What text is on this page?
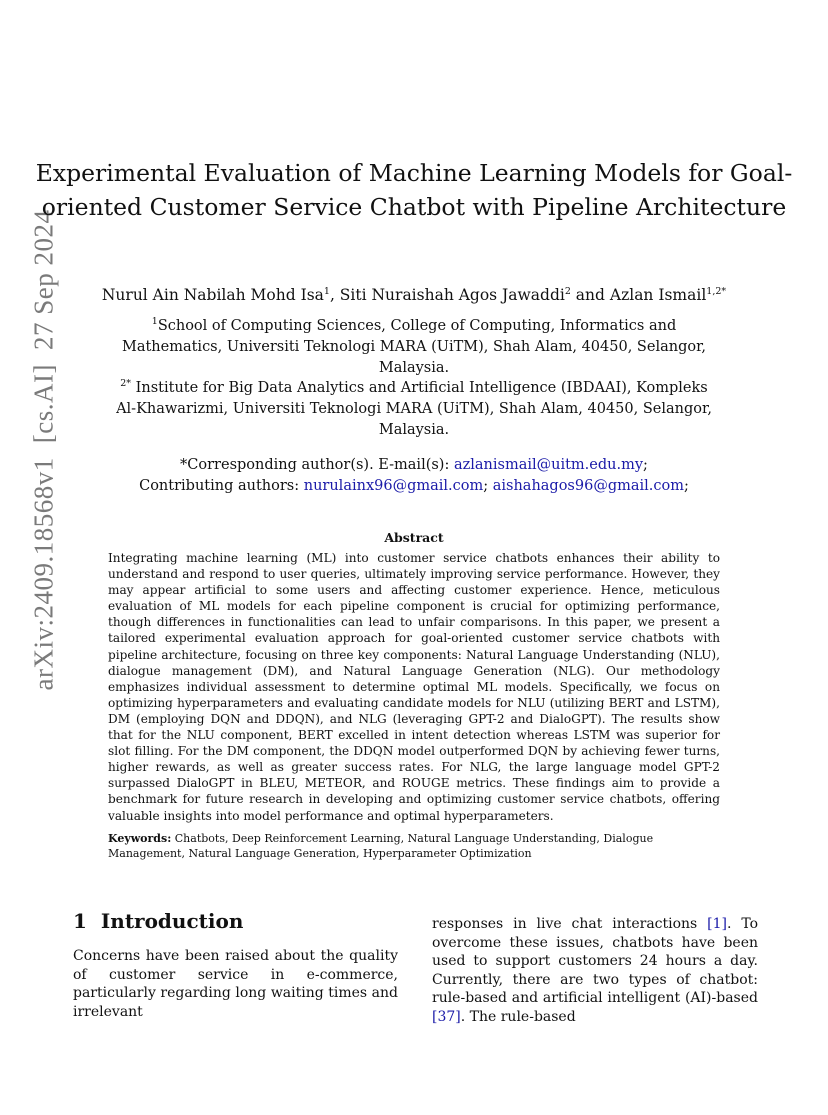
arXiv:2409.18568v1[cs.AI]27 Sep 2024
Experimental Evaluation of Machine Learning Models for Goal-oriented Customer Service Chatbot with Pipeline Architecture
Nurul Ain Nabilah Mohd Isa$^1$, Siti Nuraishah Agos Jawaddi$^2$ and Azlan Ismail$^{1,2*}$
$^1$School of Computing Sciences, College of Computing, Informatics and Mathematics, Universiti Teknologi MARA (UiTM), Shah Alam, 40450, Selangor, Malaysia.
$^{2*}$ Institute for Big Data Analytics and Artificial Intelligence (IBDAAI), Kompleks Al-Khawarizmi, Universiti Teknologi MARA (UiTM), Shah Alam, 40450, Selangor, Malaysia.
*Corresponding author(s). E-mail(s): azlanismail@uitm.edu.my;
Contributing authors: nurulainx96@gmail.com; aishahagos96@gmail.com;
Abstract
Integrating machine learning (ML) into customer service chatbots enhances their ability to understand and respond to user queries, ultimately improving service performance. However, they may appear artificial to some users and affecting customer experience. Hence, meticulous evaluation of ML models for each pipeline component is crucial for optimizing performance, though differences in functionalities can lead to unfair comparisons. In this paper, we present a tailored experimental evaluation approach for goal-oriented customer service chatbots with pipeline architecture, focusing on three key components: Natural Language Understanding (NLU), dialogue management (DM), and Natural Language Generation (NLG). Our methodology emphasizes individual assessment to determine optimal ML models. Specifically, we focus on optimizing hyperparameters and evaluating candidate models for NLU (utilizing BERT and LSTM), DM (employing DQN and DDQN), and NLG (leveraging GPT-2 and DialoGPT). The results show that for the NLU component, BERT excelled in intent detection whereas LSTM was superior for slot filling. For the DM component, the DDQN model outperformed DQN by achieving fewer turns, higher rewards, as well as greater success rates. For NLG, the large language model GPT-2 surpassed DialoGPT in BLEU, METEOR, and ROUGE metrics. These findings aim to provide a benchmark for future research in developing and optimizing customer service chatbots, offering valuable insights into model performance and optimal hyperparameters.
Keywords: Chatbots, Deep Reinforcement Learning, Natural Language Understanding, Dialogue Management, Natural Language Generation, Hyperparameter Optimization
1 Introduction
Concerns have been raised about the quality of customer service in e-commerce, particularly regarding long waiting times and irrelevant
responses in live chat interactions [1]. To overcome these issues, chatbots have been used to support customers 24 hours a day. Currently, there are two types of chatbot: rule-based and artificial intelligent (AI)-based [37]. The rule-based
